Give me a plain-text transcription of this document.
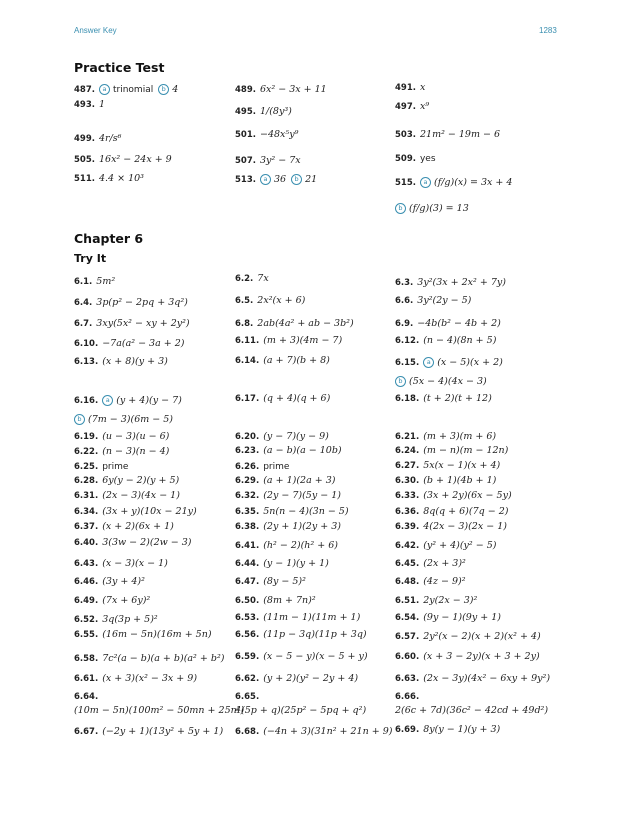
Answer Key	1283
Practice Test
487. a trinomial b 4	489. 6x² − 3x + 11	491. x
493. 1
495. 1/(8y³)	497. x⁹
499. 4r/s⁶	501. −48x⁵y⁹	503. 21m² − 19m − 6
505. 16x² − 24x + 9	507. 3y² − 7x	509. yes
511. 4.4 × 10³	513. a 36 b 21	515. a (f/g)(x) = 3x + 4
b (f/g)(3) = 13
Chapter 6
Try It
6.1. 5m²	6.2. 7x	6.3. 3y²(3x + 2x² + 7y)
6.4. 3p(p² − 2pq + 3q²)	6.5. 2x²(x + 6)	6.6. 3y²(2y − 5)
6.7. 3xy(5x² − xy + 2y²)	6.8. 2ab(4a² + ab − 3b²)	6.9. −4b(b² − 4b + 2)
6.10. −7a(a² − 3a + 2)	6.11. (m + 3)(4m − 7)	6.12. (n − 4)(8n + 5)
6.13. (x + 8)(y + 3)	6.14. (a + 7)(b + 8)	6.15. a (x − 5)(x + 2)
b (5x − 4)(4x − 3)
6.16. a (y + 4)(y − 7)	6.17. (q + 4)(q + 6)	6.18. (t + 2)(t + 12)
b (7m − 3)(6m − 5)
6.19. (u − 3)(u − 6)	6.20. (y − 7)(y − 9)	6.21. (m + 3)(m + 6)
6.22. (n − 3)(n − 4)	6.23. (a − b)(a − 10b)	6.24. (m − n)(m − 12n)
6.25. prime	6.26. prime	6.27. 5x(x − 1)(x + 4)
6.28. 6y(y − 2)(y + 5)	6.29. (a + 1)(2a + 3)	6.30. (b + 1)(4b + 1)
6.31. (2x − 3)(4x − 1)	6.32. (2y − 7)(5y − 1)	6.33. (3x + 2y)(6x − 5y)
6.34. (3x + y)(10x − 21y)	6.35. 5n(n − 4)(3n − 5)	6.36. 8q(q + 6)(7q − 2)
6.37. (x + 2)(6x + 1)	6.38. (2y + 1)(2y + 3)	6.39. 4(2x − 3)(2x − 1)
6.40. 3(3w − 2)(2w − 3)	6.41. (h² − 2)(h² + 6)	6.42. (y² + 4)(y² − 5)
6.43. (x − 3)(x − 1)	6.44. (y − 1)(y + 1)	6.45. (2x + 3)²
6.46. (3y + 4)²	6.47. (8y − 5)²	6.48. (4z − 9)²
6.49. (7x + 6y)²	6.50. (8m + 7n)²	6.51. 2y(2x − 3)²
6.52. 3q(3p + 5)²	6.53. (11m − 1)(11m + 1)	6.54. (9y − 1)(9y + 1)
6.55. (16m − 5n)(16m + 5n)	6.56. (11p − 3q)(11p + 3q)	6.57. 2y²(x − 2)(x + 2)(x² + 4)
6.58. 7c²(a − b)(a + b)(a² + b²) 6.59. (x − 5 − y)(x − 5 + y)	6.60. (x + 3 − 2y)(x + 3 + 2y)
6.61. (x + 3)(x² − 3x + 9)	6.62. (y + 2)(y² − 2y + 4)	6.63. (2x − 3y)(4x² − 6xy + 9y²)
6.64.
(10m − 5n)(100m² − 50mn + 25n²)
6.65.
4(5p + q)(25p² − 5pq + q²)
6.66.
2(6c + 7d)(36c² − 42cd + 49d²)
6.67. (−2y + 1)(13y² + 5y + 1) 6.68. (−4n + 3)(31n² + 21n + 9) 6.69. 8y(y − 1)(y + 3)
